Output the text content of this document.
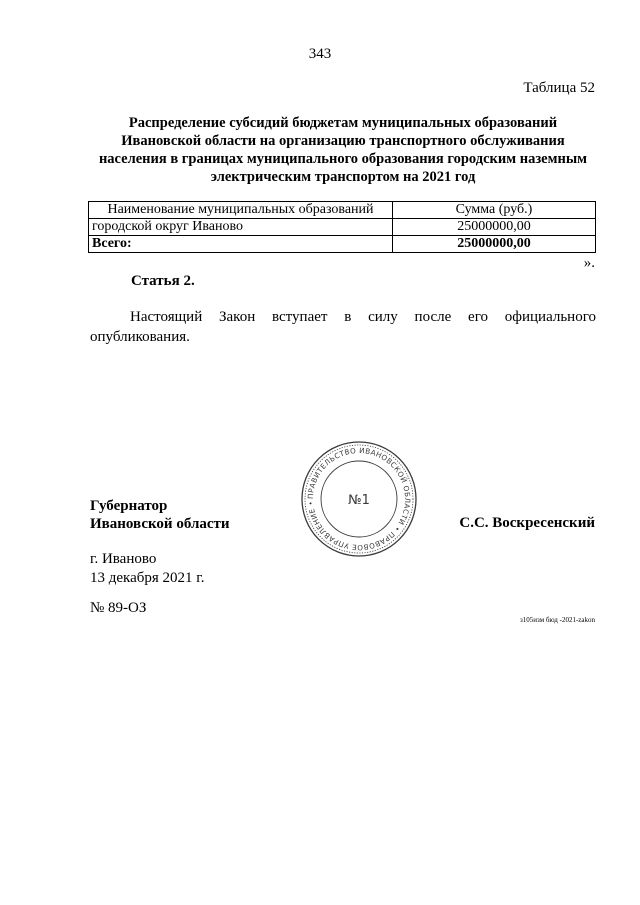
343
Таблица 52
Распределение субсидий бюджетам муниципальных образований Ивановской области на организацию транспортного обслуживания населения в границах муниципального образования городским наземным электрическим транспортом на 2021 год
Наименование муниципальных образований	Сумма (руб.)
городской округ Иваново	25000000,00
Всего:	25000000,00
».
Статья 2.
Настоящий Закон вступает в силу после его официального опубликования.
Губернатор
Ивановской области	С.С. Воскресенский
г. Иваново
13 декабря 2021 г.
№ 89-ОЗ
з105изм бюд -2021-zakon
ПРАВИТЕЛЬСТВО ИВАНОВСКОЙ ОБЛАСТИ • ПРАВОВОЕ УПРАВЛЕНИЕ •	№1
